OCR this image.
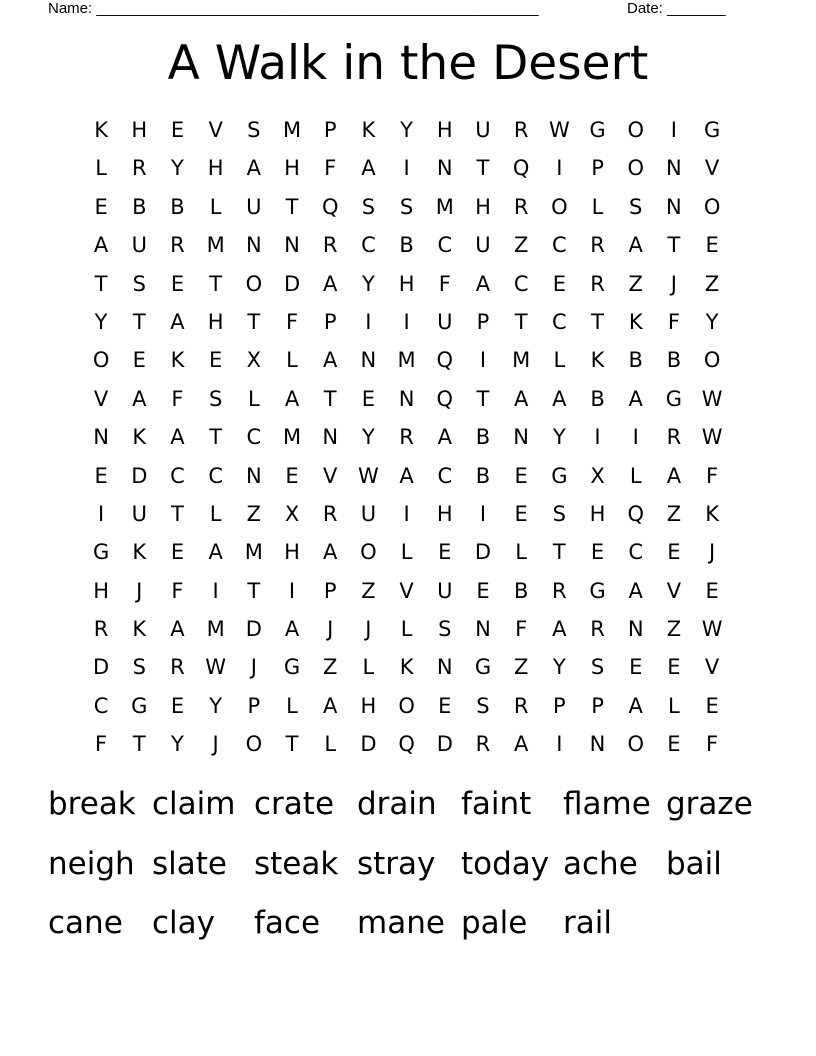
Name: _____________________________________________________	Date: _______
A Walk in the Desert
K	H	E	V	S	M	P	K	Y	H	U	R W G	O	I	G
L	R	Y	H	A	H	F	A	I	N	T	Q	I	P	O	N	V
E	B	B	L	U	T	Q	S	S	M	H	R	O	L	S	N	O
A	U	R	M	N	N	R	C	B	C	U	Z	C	R	A	T	E
T	S	E	T	O	D	A	Y	H	F	A	C	E	R	Z	J	Z
Y	T	A	H	T	F	P	I	I	U	P	T	C	T	K	F	Y
O	E	K	E	X	L	A	N	M Q	I	M	L	K	B	B	O
V	A	F	S	L	A	T	E	N	Q	T	A	A	B	A	G W
N	K	A	T	C	M	N	Y	R	A	B	N	Y	I	I	R W
E	D	C	C	N	E	V W A	C	B	E	G	X	L	A	F
I	U	T	L	Z	X	R	U	I	H	I	E	S	H	Q	Z	K
G	K	E	A	M	H	A	O	L	E	D	L	T	E	C	E	J
H	J	F	I	T	I	P	Z	V	U	E	B	R	G	A	V	E
R	K	A	M	D	A	J	J	L	S	N	F	A	R	N	Z W
D	S	R W	J	G	Z	L	K	N	G	Z	Y	S	E	E	V
C	G	E	Y	P	L	A	H	O	E	S	R	P	P	A	L	E
F	T	Y	J	O	T	L	D	Q	D	R	A	I	N	O	E	F
break claim crate drain faint	flame graze
neigh slate steak stray today ache bail
cane clay	face	mane pale	rail
